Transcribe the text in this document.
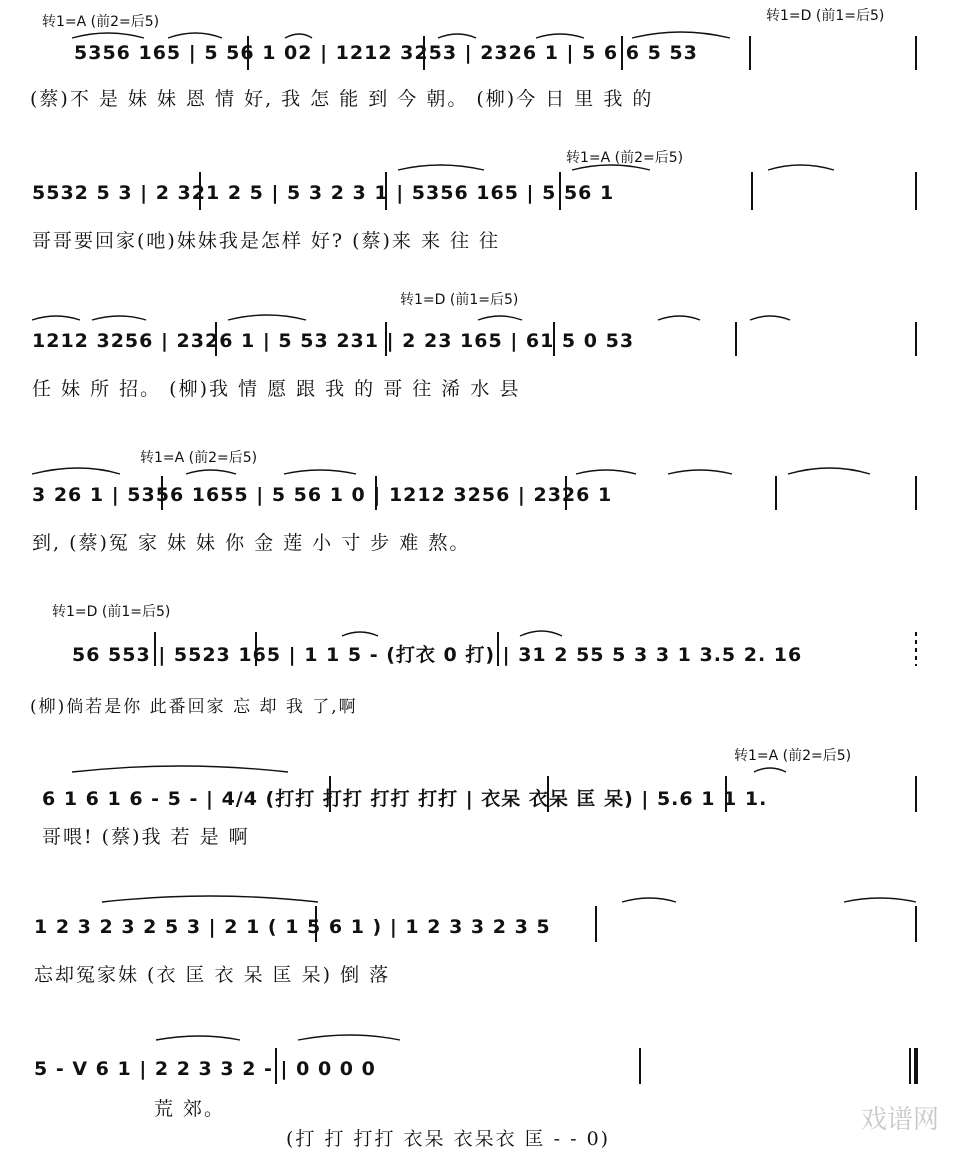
转1=A (前2=后5)	转1=D (前1=后5)
5356 165 | 5 56 1 02 | 1212 3253 | 2326 1 | 5 6 6 5 53
(蔡)不 是 妹 妹 恩 情 好, 我 怎 能 到 今 朝。 (柳)今 日 里 我 的
转1=A (前2=后5)
5532 5 3 | 2 321 2 5 | 5 3 2 3 1 | 5356 165 | 5 56 1
哥哥要回家(吔)妹妹我是怎样 好? (蔡)来 来 往 往
转1=D (前1=后5)
1212 3256 | 2326 1 | 5 53 231 | 2 23 165 | 61 5 0 53
任 妹 所 招。 (柳)我 情 愿 跟 我 的 哥 往 浠 水 县
转1=A (前2=后5)
3 26 1 | 5356 1655 | 5 56 1 0 | 1212 3256 | 2326 1
到, (蔡)冤 家 妹 妹 你 金 莲 小 寸 步 难 熬。
转1=D (前1=后5)
56 553 | 5523 165 | 1 1 5 - (打衣 0 打) | 31 2 55 5 3 3 1 3.5 2. 16
(柳)倘若是你 此番回家 忘 却 我 了,啊
转1=A (前2=后5)
6 1 6 1 6 - 5 - | 4/4 (打打 打打 打打 打打 | 衣呆 衣呆 匡 呆) | 5.6 1 1 1.
哥喂! (蔡)我 若 是 啊
1 2 3 2 3 2 5 3 | 2 1 ( 1 5 6 1 ) | 1 2 3 3 2 3 5
忘却冤家妹 (衣 匡 衣 呆 匡 呆) 倒 落
5 - V 6 1 | 2 2 3 3 2 - | 0 0 0 0
荒 郊。
(打 打 打打 衣呆 衣呆衣 匡 - - 0)
戏谱网
